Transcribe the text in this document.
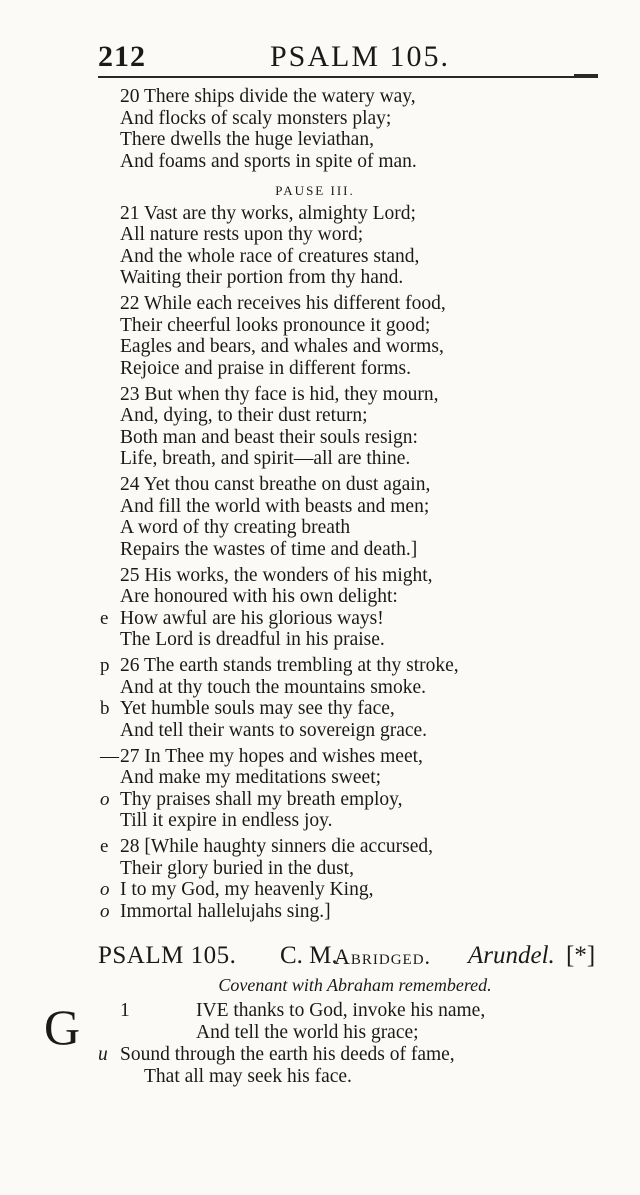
212	PSALM 105.
20 There ships divide the watery way,
And flocks of scaly monsters play;
There dwells the huge leviathan,
And foams and sports in spite of man.
PAUSE III.
21 Vast are thy works, almighty Lord;
All nature rests upon thy word;
And the whole race of creatures stand,
Waiting their portion from thy hand.
22 While each receives his different food,
Their cheerful looks pronounce it good;
Eagles and bears, and whales and worms,
Rejoice and praise in different forms.
23 But when thy face is hid, they mourn,
And, dying, to their dust return;
Both man and beast their souls resign:
Life, breath, and spirit—all are thine.
24 Yet thou canst breathe on dust again,
And fill the world with beasts and men;
A word of thy creating breath
Repairs the wastes of time and death.]
25 His works, the wonders of his might,
Are honoured with his own delight:
e How awful are his glorious ways!
The Lord is dreadful in his praise.
p 26 The earth stands trembling at thy stroke,
And at thy touch the mountains smoke.
b Yet humble souls may see thy face,
And tell their wants to sovereign grace.
— 27 In Thee my hopes and wishes meet,
And make my meditations sweet;
o Thy praises shall my breath employ,
Till it expire in endless joy.
e 28 [While haughty sinners die accursed,
Their glory buried in the dust,
o I to my God, my heavenly King,
o Immortal hallelujahs sing.]
PSALM 105. C. M.
Abridged. Arundel. [*]
Covenant with Abraham remembered.
1	IVE thanks to God, invoke his name,
And tell the world his grace;
u Sound through the earth his deeds of fame,
That all may seek his face.
G
